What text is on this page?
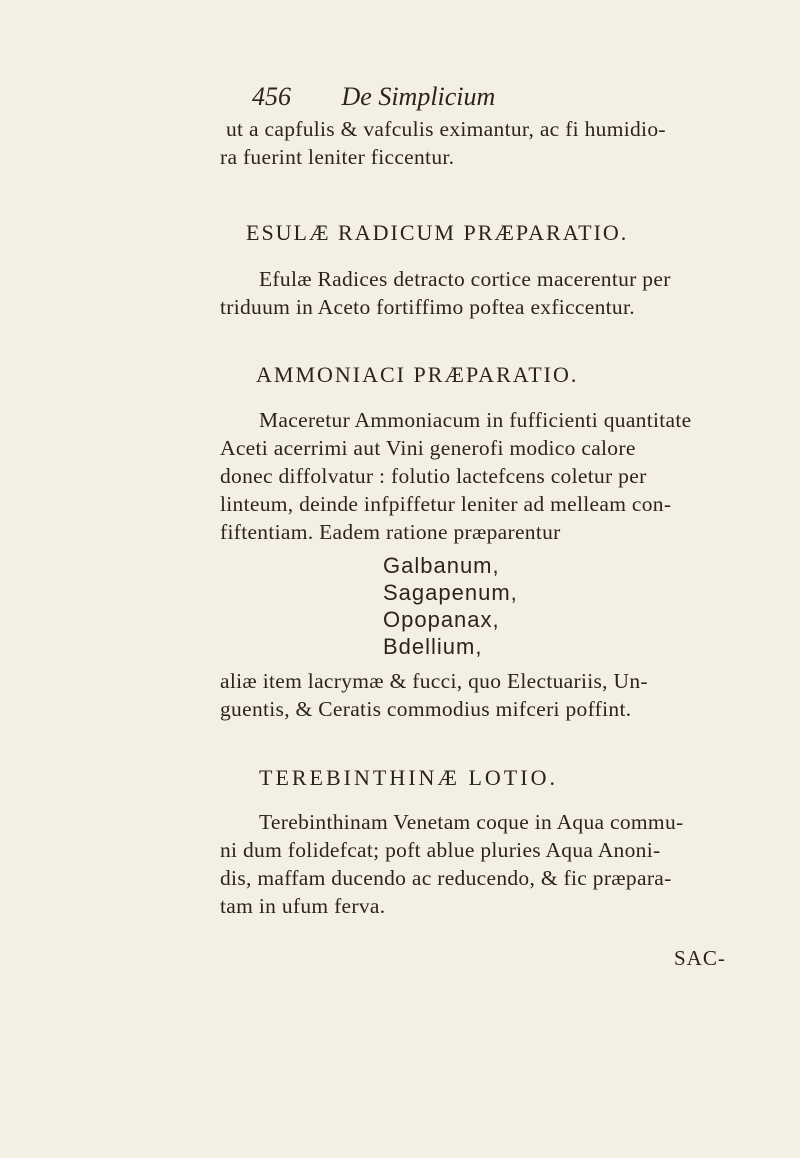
456 De Simplicium
ut a capfulis & vafculis eximantur, ac fi humidio-
ra fuerint leniter ficcentur.
ESULÆ RADICUM PRÆPARATIO.
Efulæ Radices detracto cortice macerentur per
triduum in Aceto fortiffimo poftea exficcentur.
AMMONIACI PRÆPARATIO.
Maceretur Ammoniacum in fufficienti quantitate
Aceti acerrimi aut Vini generofi modico calore
donec diffolvatur : folutio lactefcens coletur per
linteum, deinde infpiffetur leniter ad melleam con-
fiftentiam. Eadem ratione præparentur
Galbanum,
Sagapenum,
Opopanax,
Bdellium,
aliæ item lacrymæ & fucci, quo Electuariis, Un-
guentis, & Ceratis commodius mifceri poffint.
TEREBINTHINÆ LOTIO.
Terebinthinam Venetam coque in Aqua commu-
ni dum folidefcat; poft ablue pluries Aqua Anoni-
dis, maffam ducendo ac reducendo, & fic præpara-
tam in ufum ferva.
SAC-
